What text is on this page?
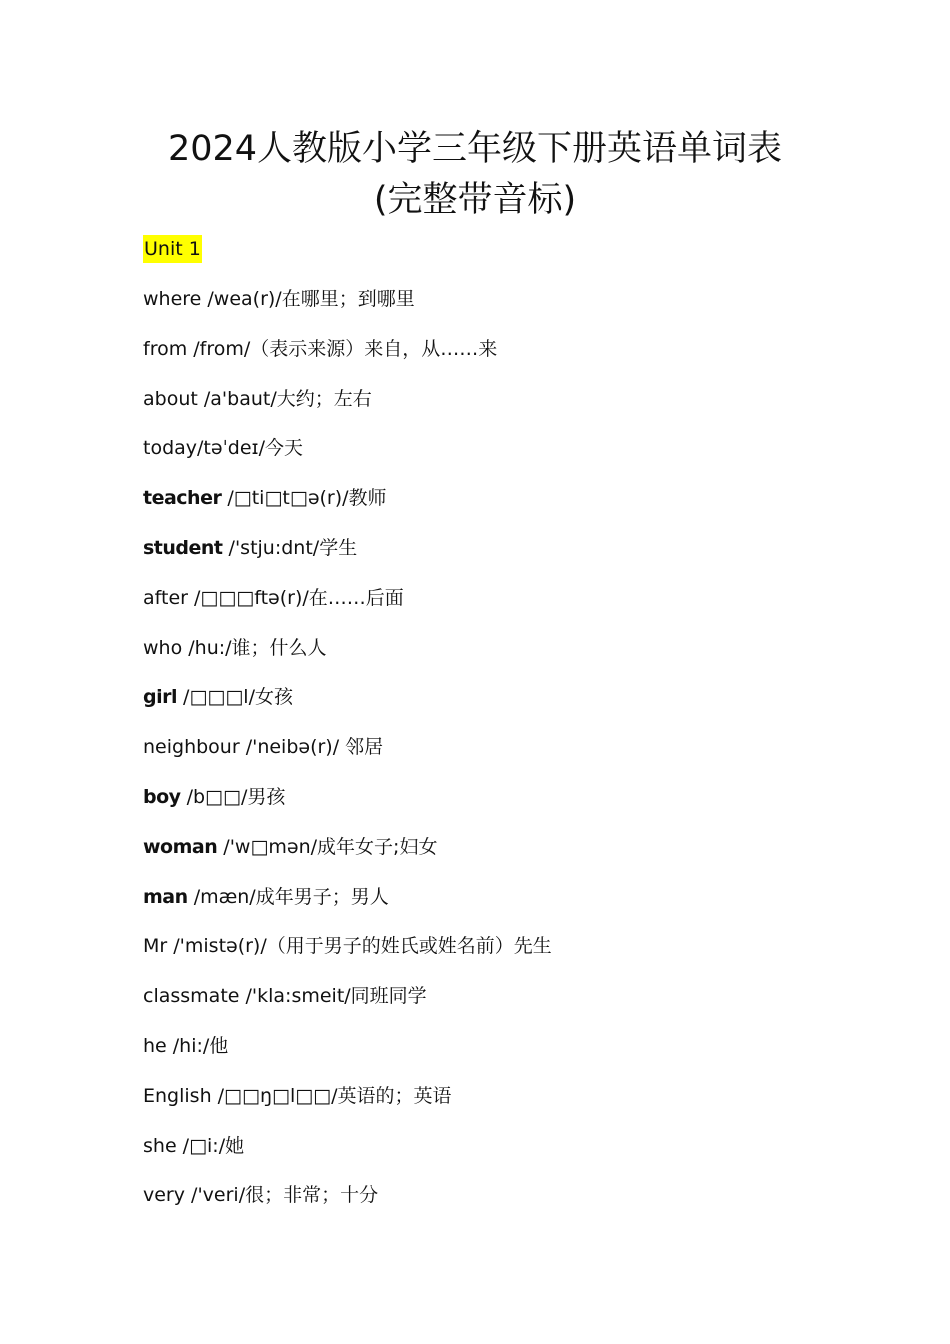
2024人教版小学三年级下册英语单词表
(完整带音标)
Unit 1
where /wea(r)/在哪里；到哪里
from /from/（表示来源）来自，从……来
about /a'baut/大约；左右
today/təˈdeɪ/今天
teacher /□ti□t□ə(r)/教师
student /'stju:dnt/学生
after /□□□ftə(r)/在……后面
who /hu:/谁；什么人
girl /□□□l/女孩
neighbour /'neibə(r)/ 邻居
boy /b□□/男孩
woman /'w□mən/成年女子;妇女
man /mæn/成年男子；男人
Mr /'mistə(r)/（用于男子的姓氏或姓名前）先生
classmate /'kla:smeit/同班同学
he /hi:/他
English /□□ŋ□l□□/英语的；英语
she /□i:/她
very /'veri/很；非常；十分
